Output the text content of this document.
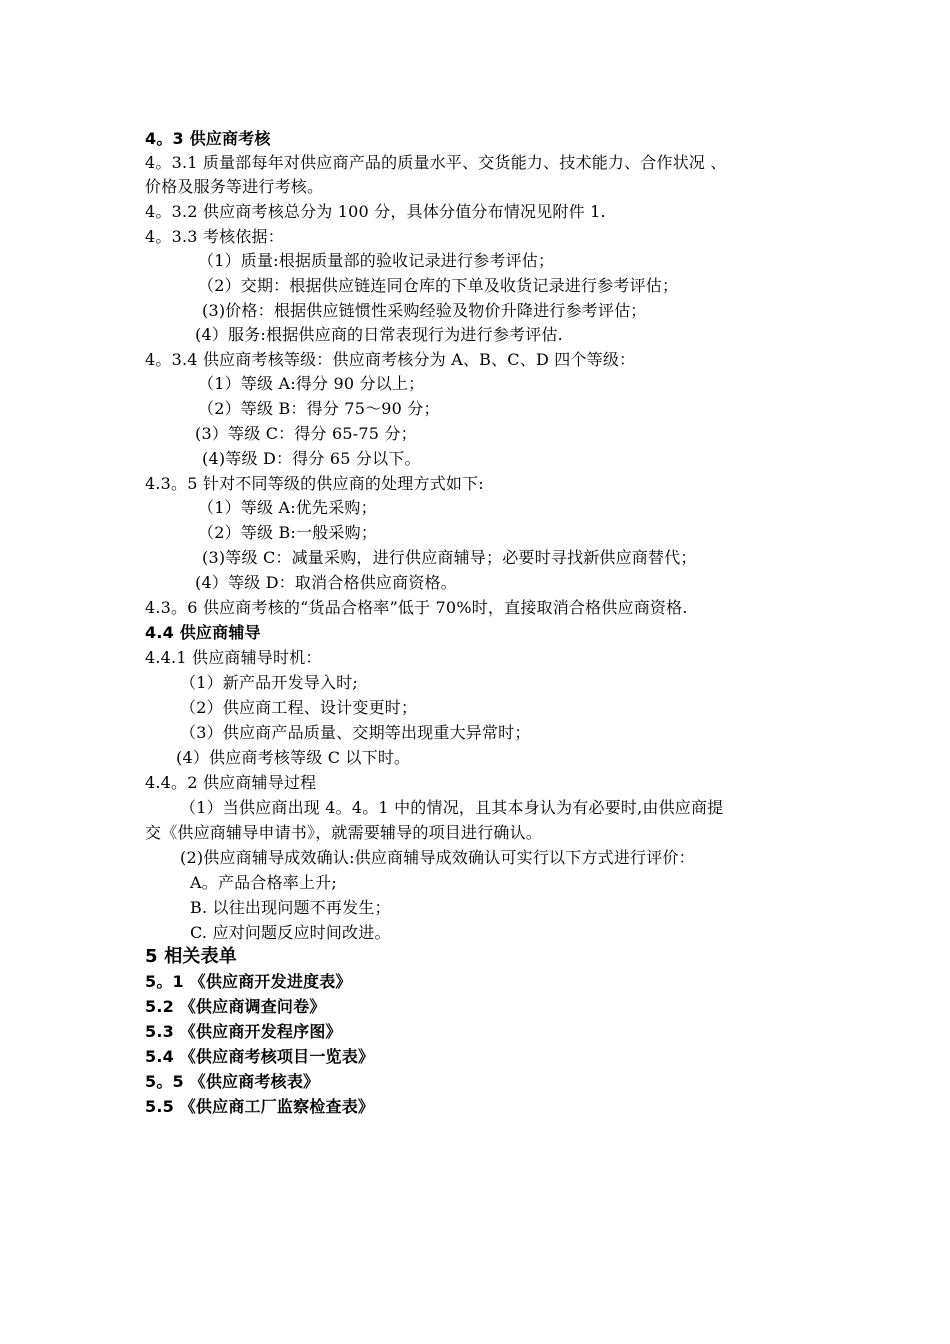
4。3 供应商考核
4。3.1 质量部每年对供应商产品的质量水平、交货能力、技术能力、合作状况 、
价格及服务等进行考核。
4。3.2 供应商考核总分为 100 分，具体分值分布情况见附件 1.
4。3.3 考核依据：
（1）质量:根据质量部的验收记录进行参考评估；
（2）交期：根据供应链连同仓库的下单及收货记录进行参考评估；
(3)价格：根据供应链惯性采购经验及物价升降进行参考评估；
(4）服务:根据供应商的日常表现行为进行参考评估.
4。3.4 供应商考核等级：供应商考核分为 A、B、C、D 四个等级：
（1）等级 A:得分 90 分以上；
（2）等级 B：得分 75～90 分；
(3）等级 C：得分 65-75 分；
(4)等级 D：得分 65 分以下。
4.3。5 针对不同等级的供应商的处理方式如下:
（1）等级 A:优先采购；
（2）等级 B:一般采购；
(3)等级 C：减量采购，进行供应商辅导；必要时寻找新供应商替代；
(4）等级 D：取消合格供应商资格。
4.3。6 供应商考核的“货品合格率”低于 70%时，直接取消合格供应商资格.
4.4 供应商辅导
4.4.1 供应商辅导时机：
（1）新产品开发导入时;
（2）供应商工程、设计变更时；
（3）供应商产品质量、交期等出现重大异常时；
(4）供应商考核等级 C 以下时。
4.4。2 供应商辅导过程
（1）当供应商出现 4。4。1 中的情况，且其本身认为有必要时,由供应商提
交《供应商辅导申请书》，就需要辅导的项目进行确认。
(2)供应商辅导成效确认:供应商辅导成效确认可实行以下方式进行评价：
A。产品合格率上升;
B. 以往出现问题不再发生；
C. 应对问题反应时间改进。
5 相关表单
5。1 《供应商开发进度表》
5.2 《供应商调查问卷》
5.3 《供应商开发程序图》
5.4 《供应商考核项目一览表》
5。5 《供应商考核表》
5.5 《供应商工厂监察检查表》
